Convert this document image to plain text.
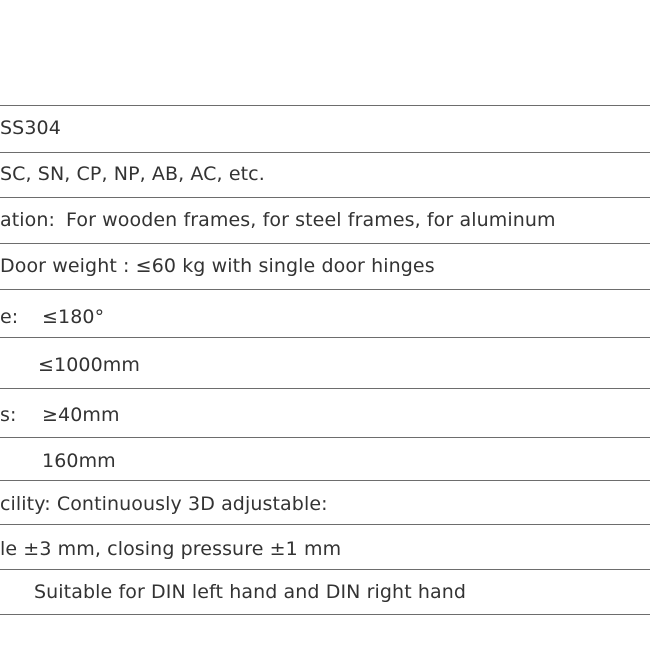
SS304
SC, SN, CP, NP, AB, AC, etc.
ation: For wooden frames, for steel frames, for aluminum
Door weight : ≤60 kg with single door hinges
e: ≤180°
≤1000mm
s: ≥40mm
160mm
cility: Continuously 3D adjustable:
le ±3 mm, closing pressure ±1 mm
Suitable for DIN left hand and DIN right hand
